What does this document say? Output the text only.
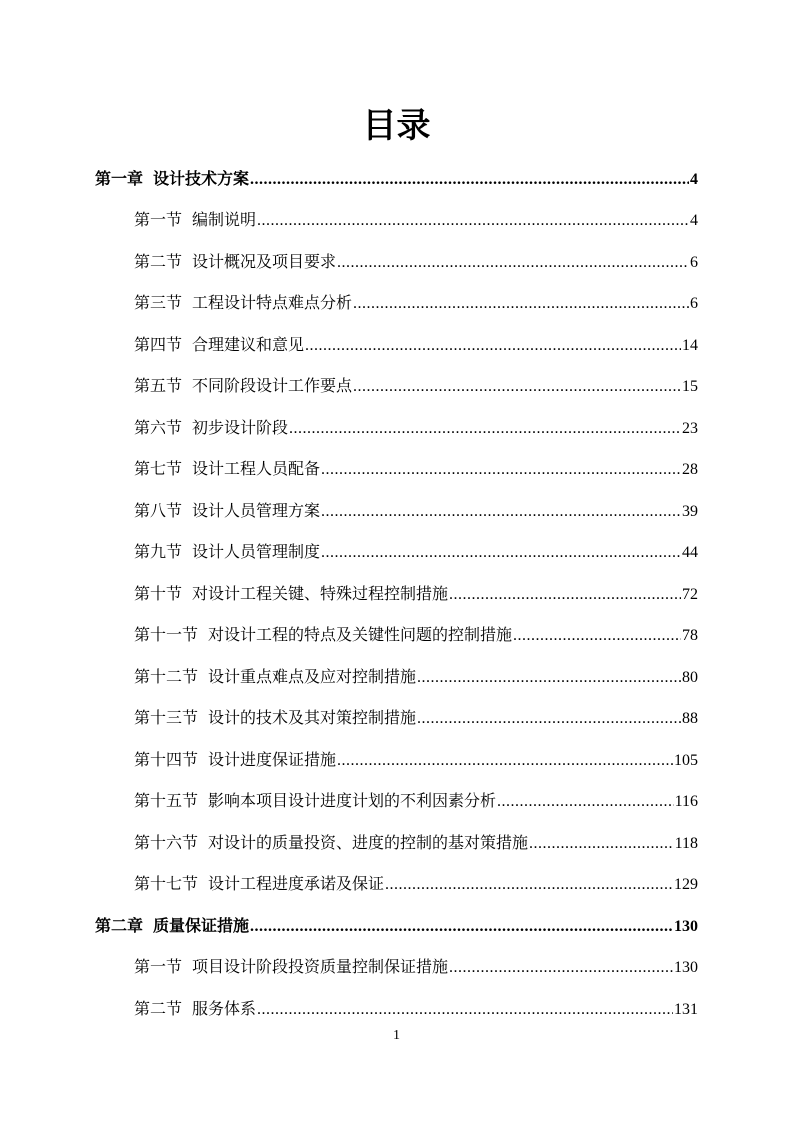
目录
第一章 设计技术方案 .....	4
第一节 编制说明 .....	4
第二节 设计概况及项目要求 .....	6
第三节 工程设计特点难点分析 .....	6
第四节 合理建议和意见 .....	14
第五节 不同阶段设计工作要点 .....	15
第六节 初步设计阶段 .....	23
第七节 设计工程人员配备 .....	28
第八节 设计人员管理方案 .....	39
第九节 设计人员管理制度 .....	44
第十节 对设计工程关键、特殊过程控制措施 .....	72
第十一节 对设计工程的特点及关键性问题的控制措施 .....	78
第十二节 设计重点难点及应对控制措施 .....	80
第十三节 设计的技术及其对策控制措施 .....	88
第十四节 设计进度保证措施 .....	105
第十五节 影响本项目设计进度计划的不利因素分析 .....	116
第十六节 对设计的质量投资、进度的控制的基对策措施 .....	118
第十七节 设计工程进度承诺及保证 .....	129
第二章 质量保证措施 .....	130
第一节 项目设计阶段投资质量控制保证措施 .....	130
第二节 服务体系 .....	131
1
